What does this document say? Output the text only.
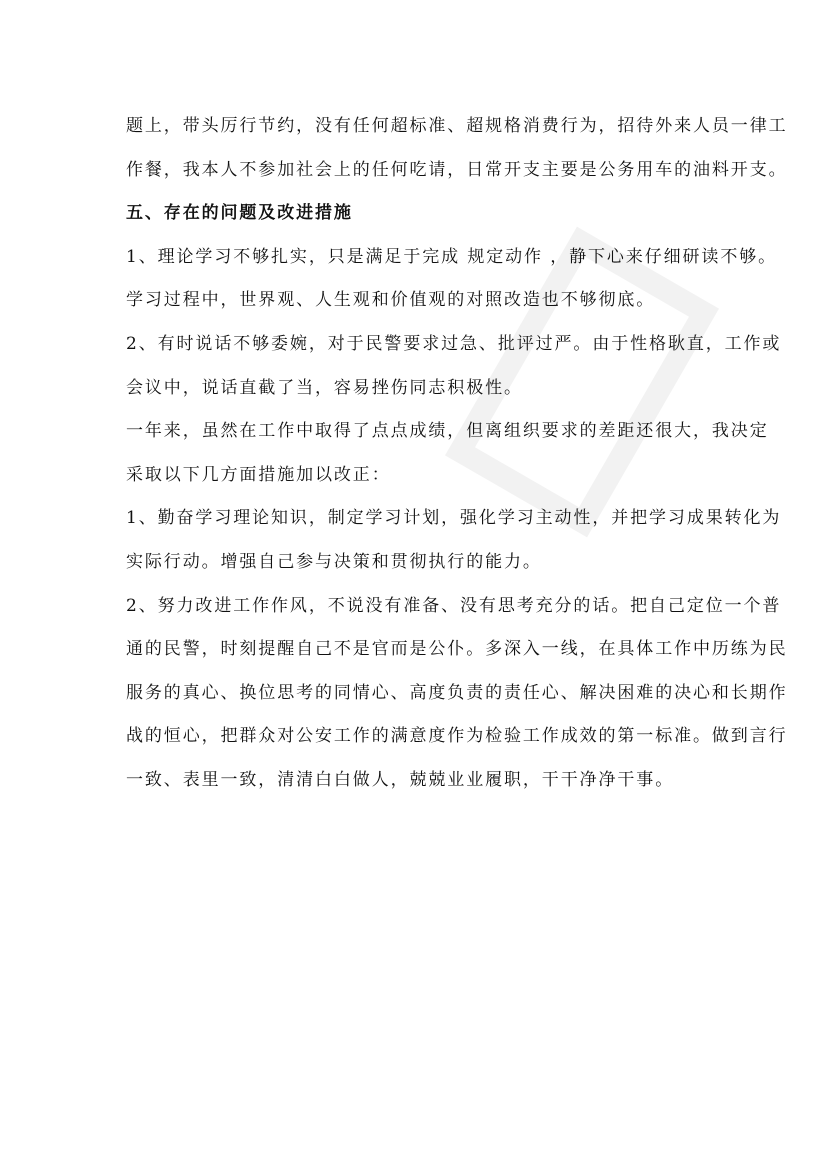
题上，带头厉行节约，没有任何超标准、超规格消费行为，招待外来人员一律工
作餐，我本人不参加社会上的任何吃请，日常开支主要是公务用车的油料开支。
五、存在的问题及改进措施
1、理论学习不够扎实，只是满足于完成 规定动作 ，静下心来仔细研读不够。
学习过程中，世界观、人生观和价值观的对照改造也不够彻底。
2、有时说话不够委婉，对于民警要求过急、批评过严。由于性格耿直，工作或
会议中，说话直截了当，容易挫伤同志积极性。
一年来，虽然在工作中取得了点点成绩，但离组织要求的差距还很大，我决定
采取以下几方面措施加以改正：
1、勤奋学习理论知识，制定学习计划，强化学习主动性，并把学习成果转化为
实际行动。增强自己参与决策和贯彻执行的能力。
2、努力改进工作作风，不说没有准备、没有思考充分的话。把自己定位一个普
通的民警，时刻提醒自己不是官而是公仆。多深入一线，在具体工作中历练为民
服务的真心、换位思考的同情心、高度负责的责任心、解决困难的决心和长期作
战的恒心，把群众对公安工作的满意度作为检验工作成效的第一标准。做到言行
一致、表里一致，清清白白做人，兢兢业业履职，干干净净干事。
